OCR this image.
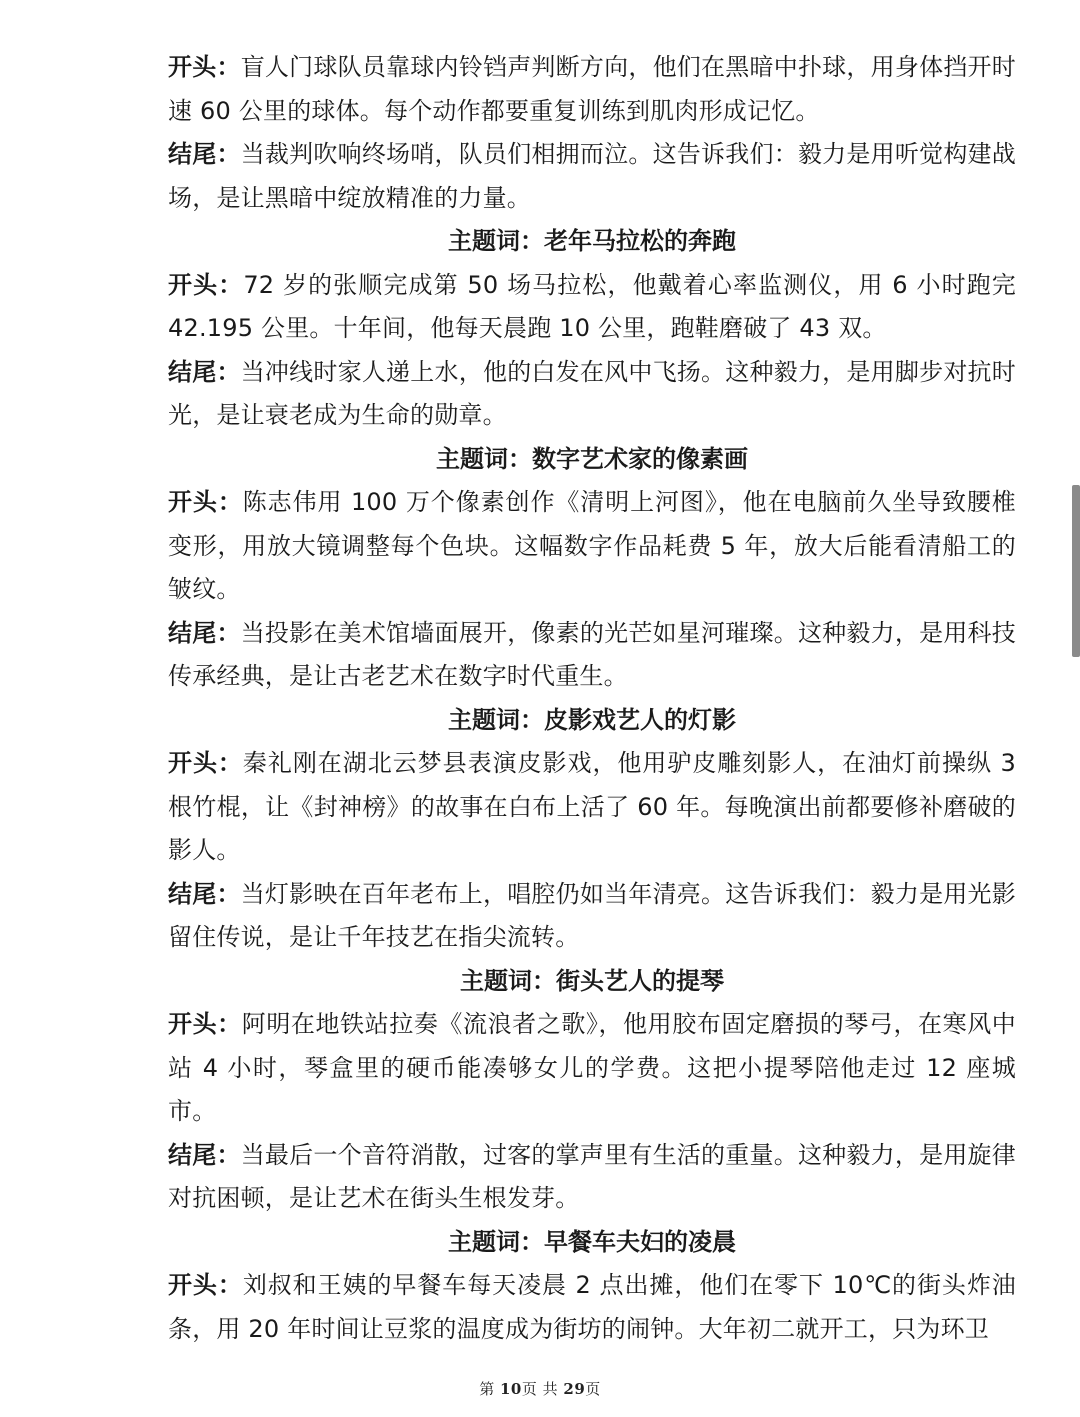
开头：盲人门球队员靠球内铃铛声判断方向，他们在黑暗中扑球，用身体挡开时速 60 公里的球体。每个动作都要重复训练到肌肉形成记忆。

结尾：当裁判吹响终场哨，队员们相拥而泣。这告诉我们：毅力是用听觉构建战场，是让黑暗中绽放精准的力量。

主题词：老年马拉松的奔跑

开头：72 岁的张顺完成第 50 场马拉松，他戴着心率监测仪，用 6 小时跑完 42.195 公里。十年间，他每天晨跑 10 公里，跑鞋磨破了 43 双。

结尾：当冲线时家人递上水，他的白发在风中飞扬。这种毅力，是用脚步对抗时光，是让衰老成为生命的勋章。

主题词：数字艺术家的像素画

开头：陈志伟用 100 万个像素创作《清明上河图》，他在电脑前久坐导致腰椎变形，用放大镜调整每个色块。这幅数字作品耗费 5 年，放大后能看清船工的皱纹。

结尾：当投影在美术馆墙面展开，像素的光芒如星河璀璨。这种毅力，是用科技传承经典，是让古老艺术在数字时代重生。

主题词：皮影戏艺人的灯影

开头：秦礼刚在湖北云梦县表演皮影戏，他用驴皮雕刻影人，在油灯前操纵 3 根竹棍，让《封神榜》的故事在白布上活了 60 年。每晚演出前都要修补磨破的影人。

结尾：当灯影映在百年老布上，唱腔仍如当年清亮。这告诉我们：毅力是用光影留住传说，是让千年技艺在指尖流转。

主题词：街头艺人的提琴

开头：阿明在地铁站拉奏《流浪者之歌》，他用胶布固定磨损的琴弓，在寒风中站 4 小时，琴盒里的硬币能凑够女儿的学费。这把小提琴陪他走过 12 座城市。

结尾：当最后一个音符消散，过客的掌声里有生活的重量。这种毅力，是用旋律对抗困顿，是让艺术在街头生根发芽。

主题词：早餐车夫妇的凌晨

开头：刘叔和王姨的早餐车每天凌晨 2 点出摊，他们在零下 10℃的街头炸油条，用 20 年时间让豆浆的温度成为街坊的闹钟。大年初二就开工，只为环卫

第 10页 共 29页
